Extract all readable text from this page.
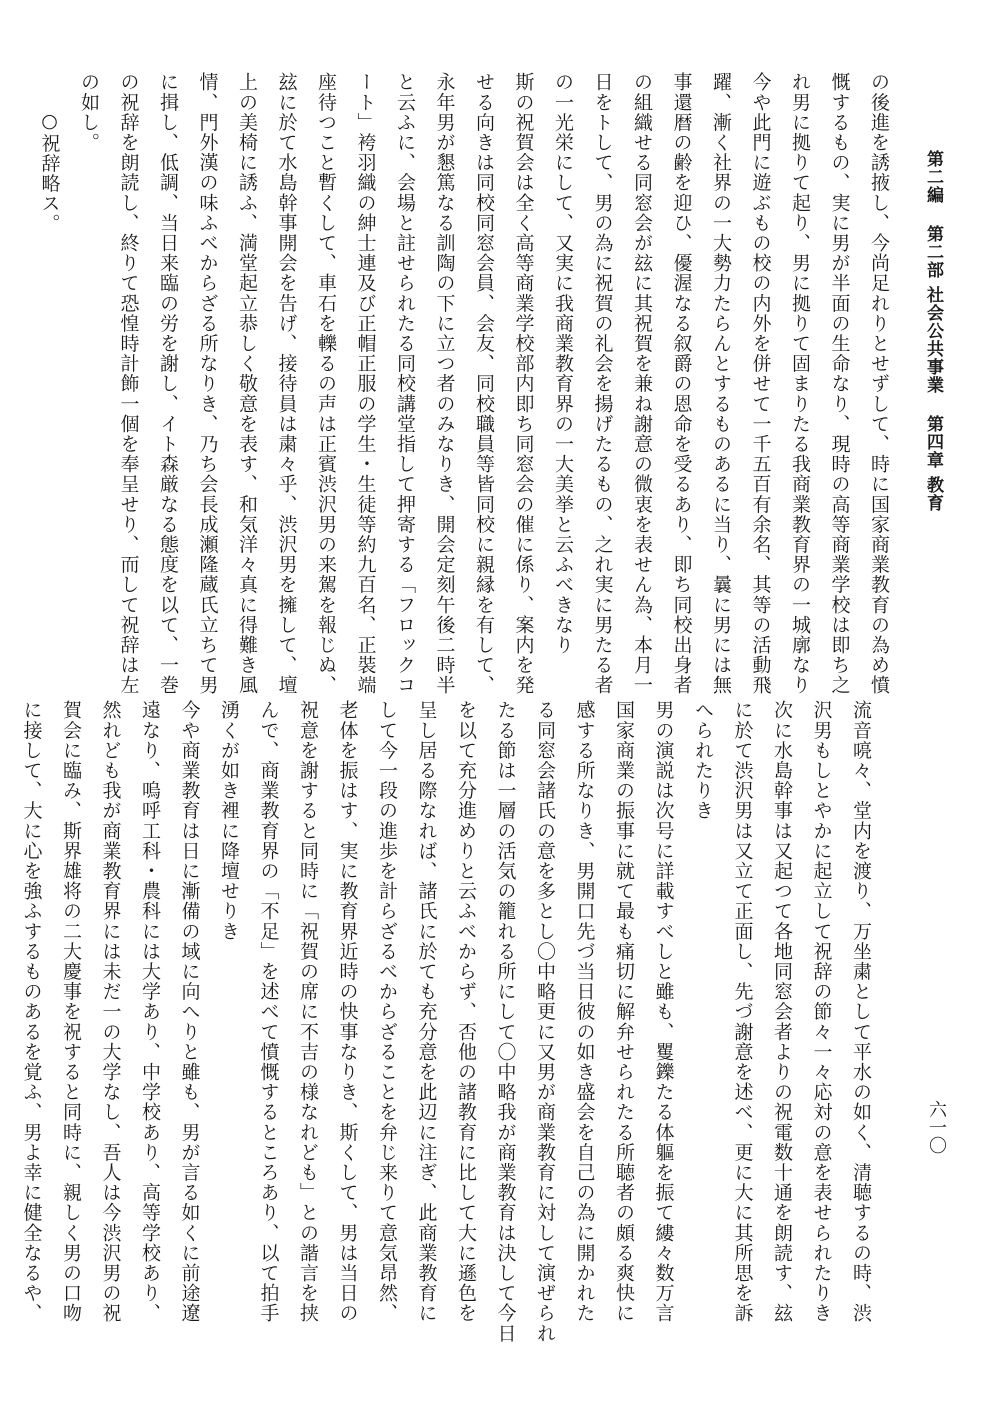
第二編 第二部 社会公共事業 第四章 教育
六一〇

の後進を誘掖し、今尚足れりとせずして、時に国家商業教育の為め憤

慨するもの、実に男が半面の生命なり、現時の高等商業学校は即ち之

れ男に拠りて起り、男に拠りて固まりたる我商業教育界の一城廓なり

今や此門に遊ぶもの校の内外を併せて一千五百有余名、其等の活動飛

躍、漸く社界の一大勢力たらんとするものあるに当り、曩に男には無

事還暦の齢を迎ひ、優渥なる叙爵の恩命を受るあり、即ち同校出身者

の組織せる同窓会が玆に其祝賀を兼ね謝意の微衷を表せん為、本月一

日をトして、男の為に祝賀の礼会を揚げたるもの、之れ実に男たる者

の一光栄にして、又実に我商業教育界の一大美挙と云ふべきなり

斯の祝賀会は全く高等商業学校部内即ち同窓会の催に係り、案内を発

せる向きは同校同窓会員、会友、同校職員等皆同校に親縁を有して、

永年男が懇篤なる訓陶の下に立つ者のみなりき、開会定刻午後二時半

と云ふに、会場と註せられたる同校講堂指して押寄する「フロックコ

ート」袴羽織の紳士連及び正帽正服の学生・生徒等約九百名、正裝端

座待つこと暫くして、車石を轢るの声は正賓渋沢男の来駕を報じぬ、

玆に於て水島幹事開会を告げ、接待員は粛々乎、渋沢男を擁して、壇

上の美椅に誘ふ、満堂起立恭しく敬意を表す、和気洋々真に得難き風

情、門外漢の味ふべからざる所なりき、乃ち会長成瀬隆蔵氏立ちて男

に揖し、低調、当日来臨の労を謝し、イト森厳なる態度を以て、一巻

の祝辞を朗読し、終りて恐惶時計飾一個を奉呈せり、而して祝辞は左

の如し。

○祝辞略ス。

流音喨々、堂内を渡り、万坐粛として平水の如く、清聴するの時、渋

沢男もしとやかに起立して祝辞の節々一々応対の意を表せられたりき

次に水島幹事は又起つて各地同窓会者よりの祝電数十通を朗読す、玆

に於て渋沢男は又立て正面し、先づ謝意を述べ、更に大に其所思を訴

へられたりき

男の演説は次号に詳載すべしと雖も、矍鑠たる体軀を振て縷々数万言

国家商業の振事に就て最も痛切に解弁せられたる所聴者の頗る爽快に

感する所なりき、男開口先づ当日彼の如き盛会を自己の為に開かれた

る同窓会諸氏の意を多とし〇中略更に又男が商業教育に対して演ぜられ

たる節は一層の活気の籠れる所にして〇中略我が商業教育は決して今日

を以て充分進めりと云ふべからず、否他の諸教育に比して大に遜色を

呈し居る際なれば、諸氏に於ても充分意を此辺に注ぎ、此商業教育に

して今一段の進歩を計らざるべからざることを弁じ来りて意気昂然、

老体を振はす、実に教育界近時の快事なりき、斯くして、男は当日の

祝意を謝すると同時に「祝賀の席に不吉の様なれども」との諧言を挟

んで、商業教育界の「不足」を述べて憤慨するところあり、以て拍手

湧くが如き裡に降壇せりき

今や商業教育は日に漸備の域に向へりと雖も、男が言る如くに前途遼

遠なり、嗚呼工科・農科には大学あり、中学校あり、高等学校あり、

然れども我が商業教育界には未だ一の大学なし、吾人は今渋沢男の祝

賀会に臨み、斯界雄将の二大慶事を祝すると同時に、親しく男の口吻

に接して、大に心を強ふするものあるを覚ふ、男よ幸に健全なるや、
